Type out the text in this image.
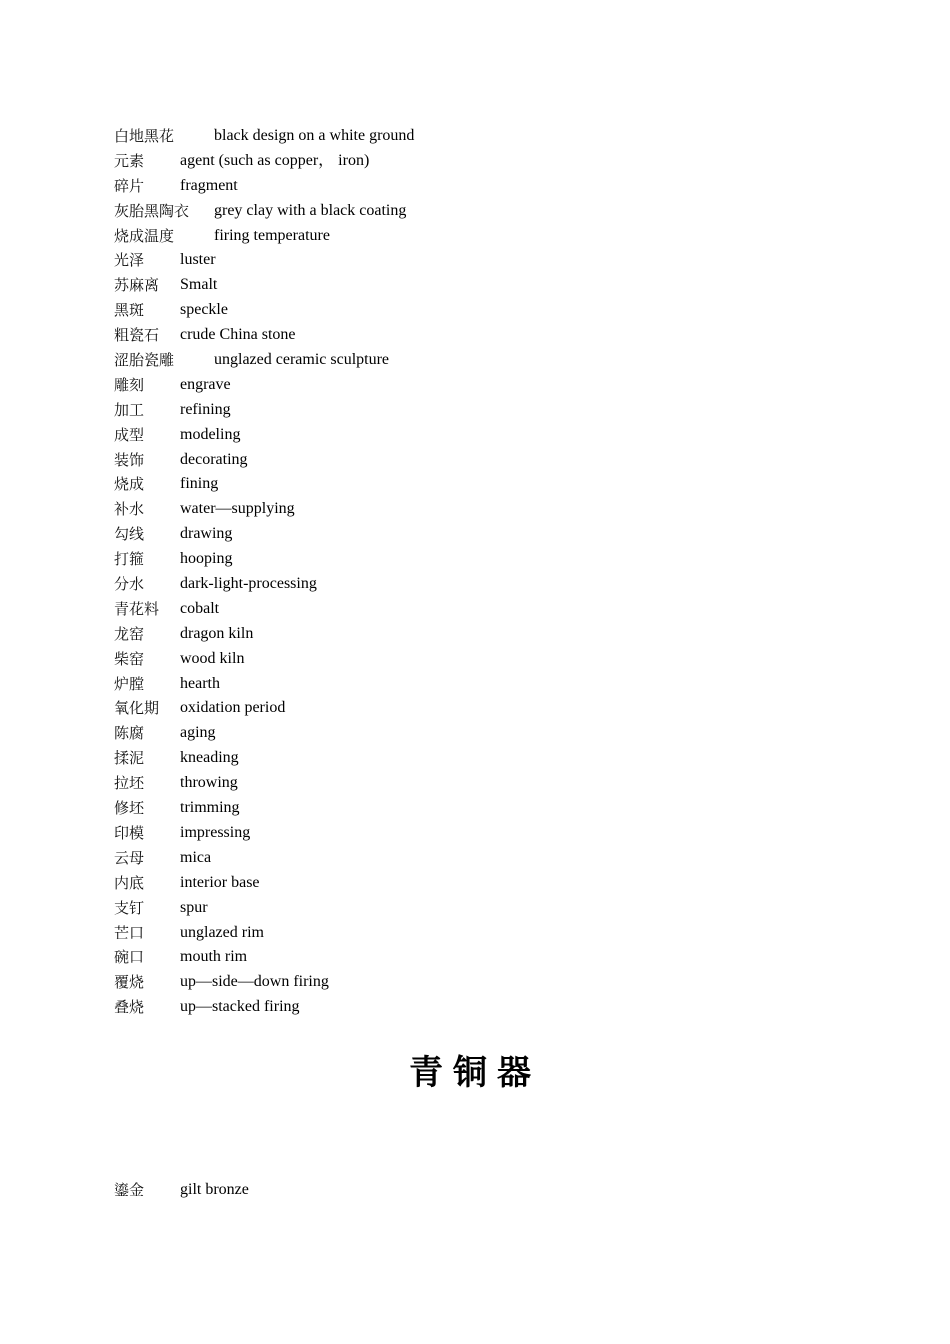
白地黑花 black design on a white ground
元素 agent (such as copper， iron)
碎片 fragment
灰胎黑陶衣 grey clay with a black coating
烧成温度 firing temperature
光泽 luster
苏麻离 Smalt
黑斑 speckle
粗瓷石 crude China stone
涩胎瓷雕 unglazed ceramic sculpture
雕刻 engrave
加工 refining
成型 modeling
装饰 decorating
烧成 fining
补水 water—supplying
勾线 drawing
打箍 hooping
分水 dark-light-processing
青花料 cobalt
龙窑 dragon kiln
柴窑 wood kiln
炉膛 hearth
氧化期 oxidation period
陈腐 aging
揉泥 kneading
拉坯 throwing
修坯 trimming
印模 impressing
云母 mica
内底 interior base
支钉 spur
芒口 unglazed rim
碗口 mouth rim
覆烧 up—side—down firing
叠烧 up—stacked firing
青铜器
鎏金 gilt bronze
